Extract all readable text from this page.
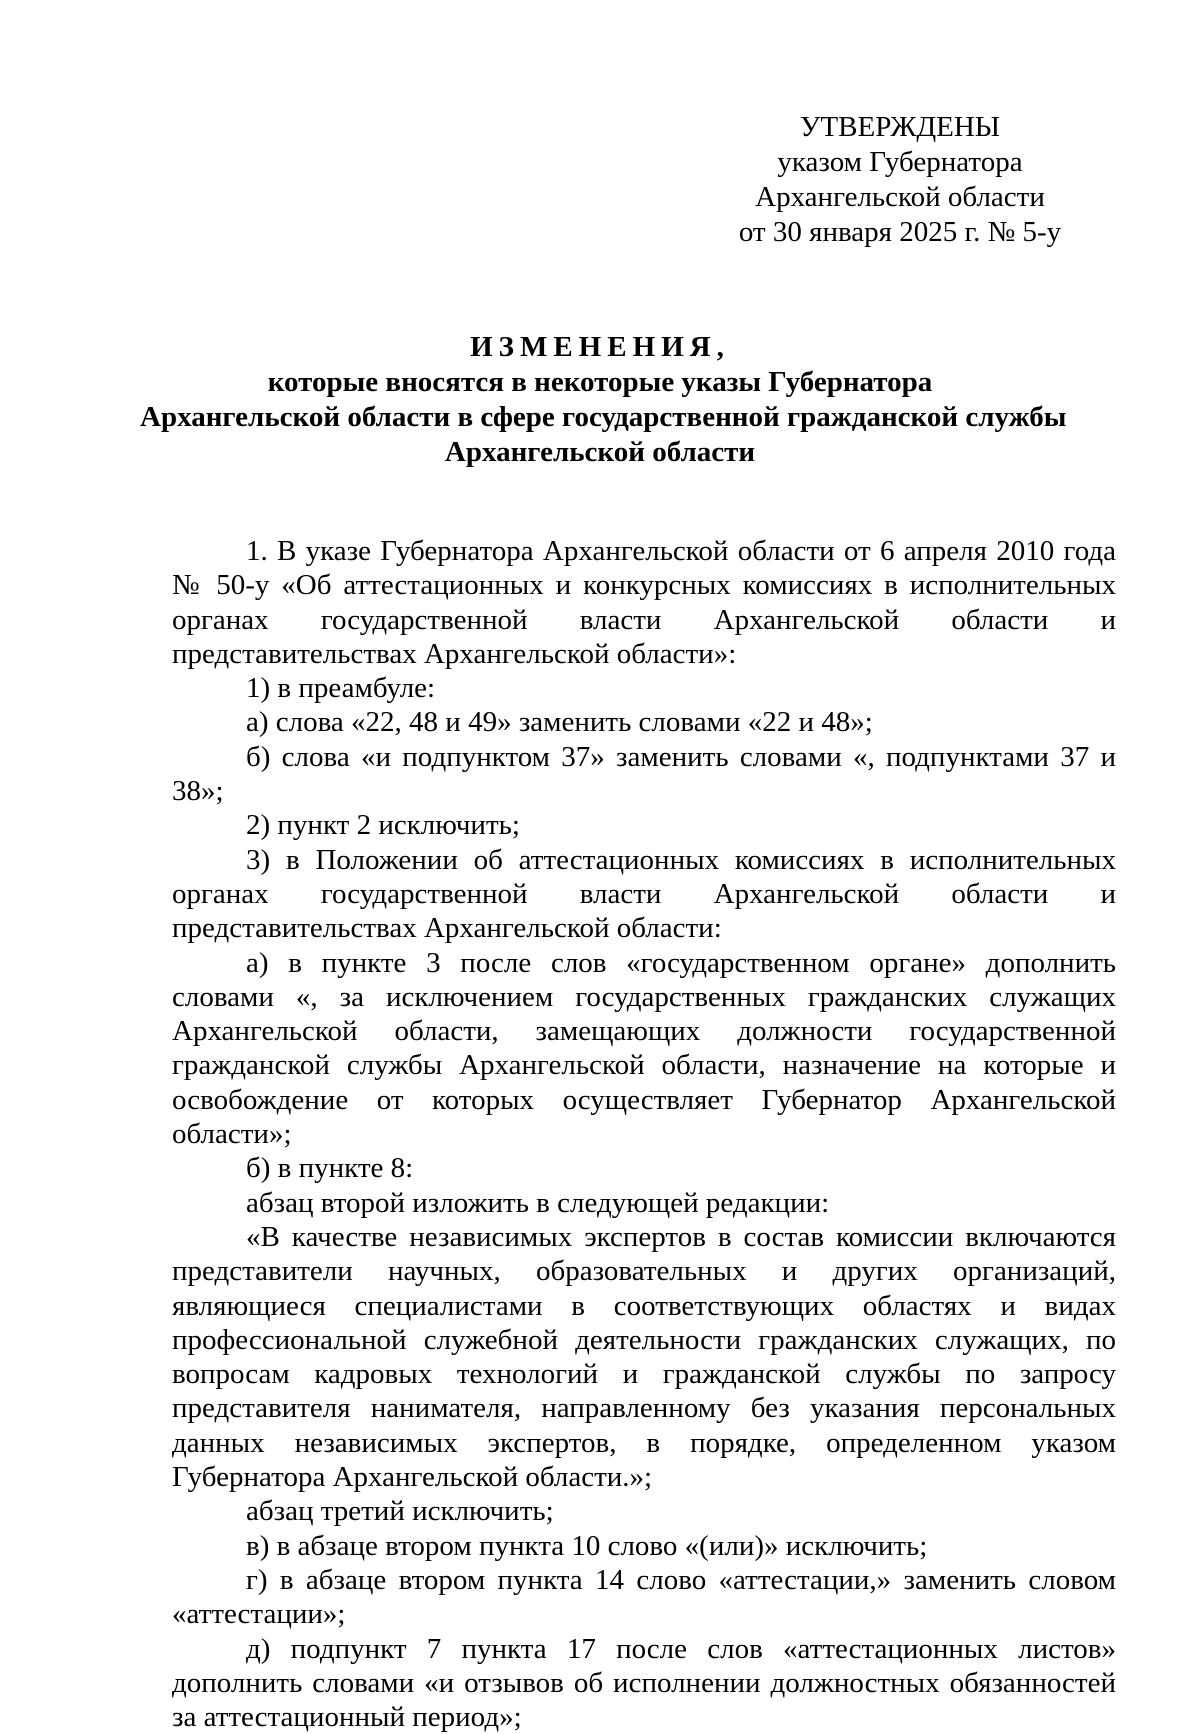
УТВЕРЖДЕНЫ
указом Губернатора
Архангельской области
от 30 января 2025 г. № 5-у
ИЗМЕНЕНИЯ,
которые вносятся в некоторые указы Губернатора
Архангельской области в сфере государственной гражданской службы
Архангельской области

1. В указе Губернатора Архангельской области от 6 апреля 2010 года № 50-у «Об аттестационных и конкурсных комиссиях в исполнительных органах государственной власти Архангельской области и представительствах Архангельской области»:

1) в преамбуле:

а) слова «22, 48 и 49» заменить словами «22 и 48»;

б) слова «и подпунктом 37» заменить словами «, подпунктами 37 и 38»;

2) пункт 2 исключить;

3) в Положении об аттестационных комиссиях в исполнительных органах государственной власти Архангельской области и представительствах Архангельской области:

а) в пункте 3 после слов «государственном органе» дополнить словами «, за исключением государственных гражданских служащих Архангельской области, замещающих должности государственной гражданской службы Архангельской области, назначение на которые и освобождение от которых осуществляет Губернатор Архангельской области»;

б) в пункте 8:

абзац второй изложить в следующей редакции:

«В качестве независимых экспертов в состав комиссии включаются представители научных, образовательных и других организаций, являющиеся специалистами в соответствующих областях и видах профессиональной служебной деятельности гражданских служащих, по вопросам кадровых технологий и гражданской службы по запросу представителя нанимателя, направленному без указания персональных данных независимых экспертов, в порядке, определенном указом Губернатора Архангельской области.»;

абзац третий исключить;

в) в абзаце втором пункта 10 слово «(или)» исключить;

г) в абзаце втором пункта 14 слово «аттестации,» заменить словом «аттестации»;

д) подпункт 7 пункта 17 после слов «аттестационных листов» дополнить словами «и отзывов об исполнении должностных обязанностей за аттестационный период»;
